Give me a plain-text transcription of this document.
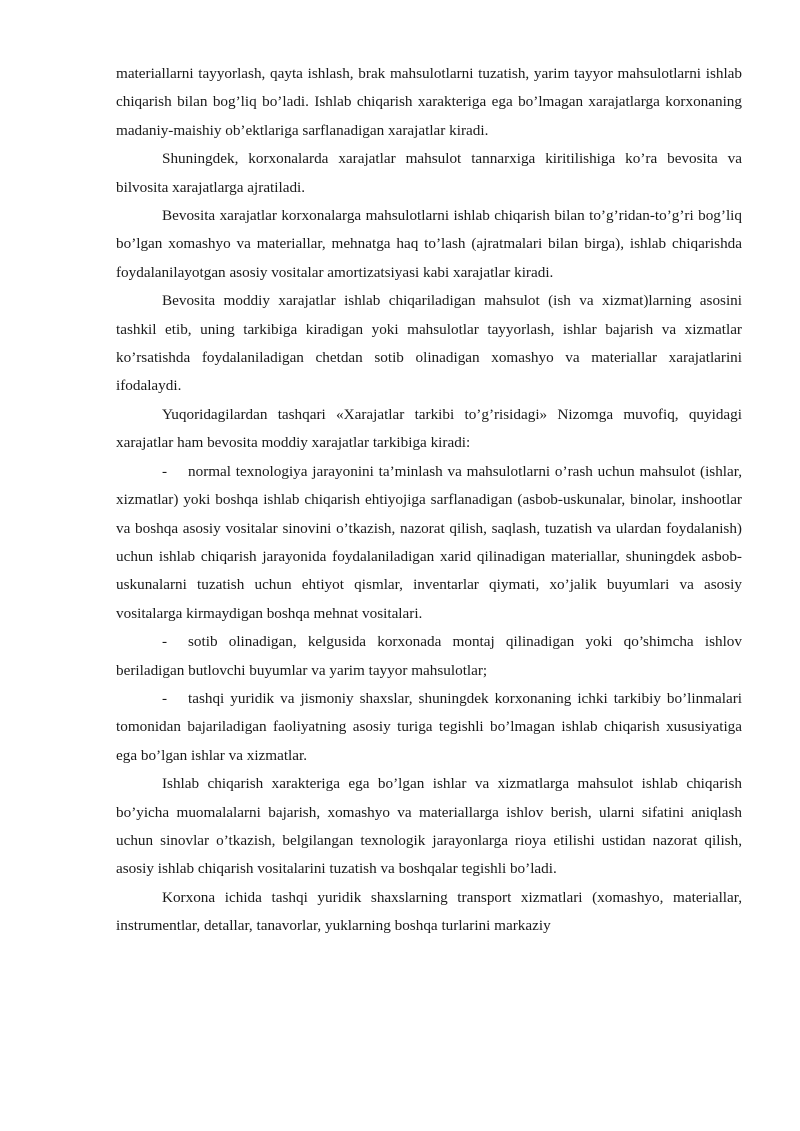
materiallarni tayyorlash, qayta ishlash, brak mahsulotlarni tuzatish, yarim tayyor mahsulotlarni ishlab chiqarish bilan bog’liq bo’ladi. Ishlab chiqarish xarakteriga ega bo’lmagan xarajatlarga korxonaning madaniy-maishiy ob’ektlariga sarflanadigan xarajatlar kiradi.

Shuningdek, korxonalarda xarajatlar mahsulot tannarxiga kiritilishiga ko’ra bevosita va bilvosita xarajatlarga ajratiladi.

Bevosita xarajatlar korxonalarga mahsulotlarni ishlab chiqarish bilan to’g’ridan-to’g’ri bog’liq bo’lgan xomashyo va materiallar, mehnatga haq to’lash (ajratmalari bilan birga), ishlab chiqarishda foydalanilayotgan asosiy vositalar amortizatsiyasi kabi xarajatlar kiradi.

Bevosita moddiy xarajatlar ishlab chiqariladigan mahsulot (ish va xizmat)larning asosini tashkil etib, uning tarkibiga kiradigan yoki mahsulotlar tayyorlash, ishlar bajarish va xizmatlar ko’rsatishda foydalaniladigan chetdan sotib olinadigan xomashyo va materiallar xarajatlarini ifodalaydi.

Yuqoridagilardan tashqari «Xarajatlar tarkibi to’g’risidagi» Nizomga muvofiq, quyidagi xarajatlar ham bevosita moddiy xarajatlar tarkibiga kiradi:

- normal texnologiya jarayonini ta’minlash va mahsulotlarni o’rash uchun mahsulot (ishlar, xizmatlar) yoki boshqa ishlab chiqarish ehtiyojiga sarflanadigan (asbob-uskunalar, binolar, inshootlar va boshqa asosiy vositalar sinovini o’tkazish, nazorat qilish, saqlash, tuzatish va ulardan foydalanish) uchun ishlab chiqarish jarayonida foydalaniladigan xarid qilinadigan materiallar, shuningdek asbob-uskunalarni tuzatish uchun ehtiyot qismlar, inventarlar qiymati, xo’jalik buyumlari va asosiy vositalarga kirmaydigan boshqa mehnat vositalari.

- sotib olinadigan, kelgusida korxonada montaj qilinadigan yoki qo’shimcha ishlov beriladigan butlovchi buyumlar va yarim tayyor mahsulotlar;

- tashqi yuridik va jismoniy shaxslar, shuningdek korxonaning ichki tarkibiy bo’linmalari tomonidan bajariladigan faoliyatning asosiy turiga tegishli bo’lmagan ishlab chiqarish xususiyatiga ega bo’lgan ishlar va xizmatlar.

Ishlab chiqarish xarakteriga ega bo’lgan ishlar va xizmatlarga mahsulot ishlab chiqarish bo’yicha muomalalarni bajarish, xomashyo va materiallarga ishlov berish, ularni sifatini aniqlash uchun sinovlar o’tkazish, belgilangan texnologik jarayonlarga rioya etilishi ustidan nazorat qilish, asosiy ishlab chiqarish vositalarini tuzatish va boshqalar tegishli bo’ladi.

Korxona ichida tashqi yuridik shaxslarning transport xizmatlari (xomashyo, materiallar, instrumentlar, detallar, tanavorlar, yuklarning boshqa turlarini markaziy
